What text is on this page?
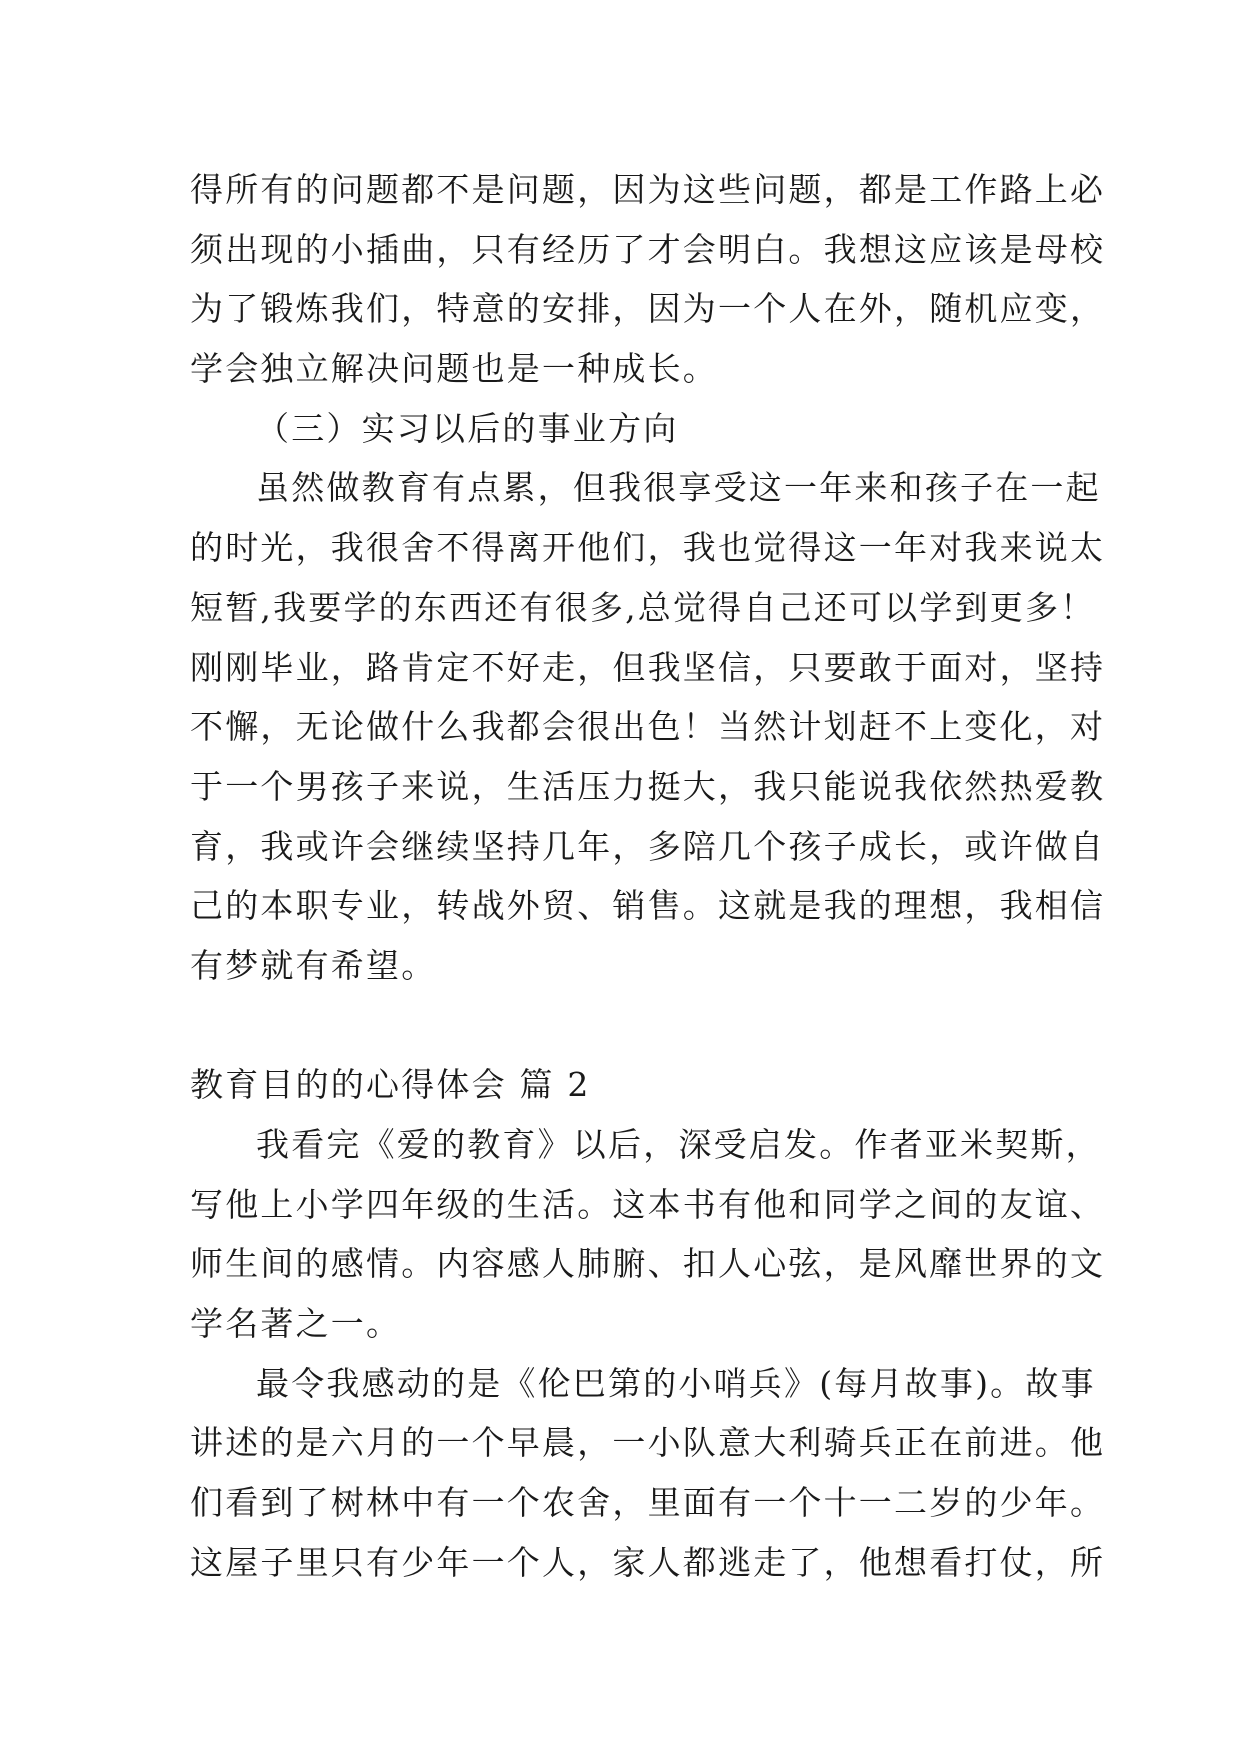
得所有的问题都不是问题，因为这些问题，都是工作路上必
须出现的小插曲，只有经历了才会明白。我想这应该是母校
为了锻炼我们，特意的安排，因为一个人在外，随机应变，
学会独立解决问题也是一种成长。
（三）实习以后的事业方向
虽然做教育有点累，但我很享受这一年来和孩子在一起
的时光，我很舍不得离开他们，我也觉得这一年对我来说太
短暂,我要学的东西还有很多,总觉得自己还可以学到更多！
刚刚毕业，路肯定不好走，但我坚信，只要敢于面对，坚持
不懈，无论做什么我都会很出色！当然计划赶不上变化，对
于一个男孩子来说，生活压力挺大，我只能说我依然热爱教
育，我或许会继续坚持几年，多陪几个孩子成长，或许做自
己的本职专业，转战外贸、销售。这就是我的理想，我相信
有梦就有希望。
教育目的的心得体会 篇 2
我看完《爱的教育》以后，深受启发。作者亚米契斯，
写他上小学四年级的生活。这本书有他和同学之间的友谊、
师生间的感情。内容感人肺腑、扣人心弦，是风靡世界的文
学名著之一。
最令我感动的是《伦巴第的小哨兵》(每月故事)。故事
讲述的是六月的一个早晨，一小队意大利骑兵正在前进。他
们看到了树林中有一个农舍，里面有一个十一二岁的少年。
这屋子里只有少年一个人，家人都逃走了，他想看打仗，所
